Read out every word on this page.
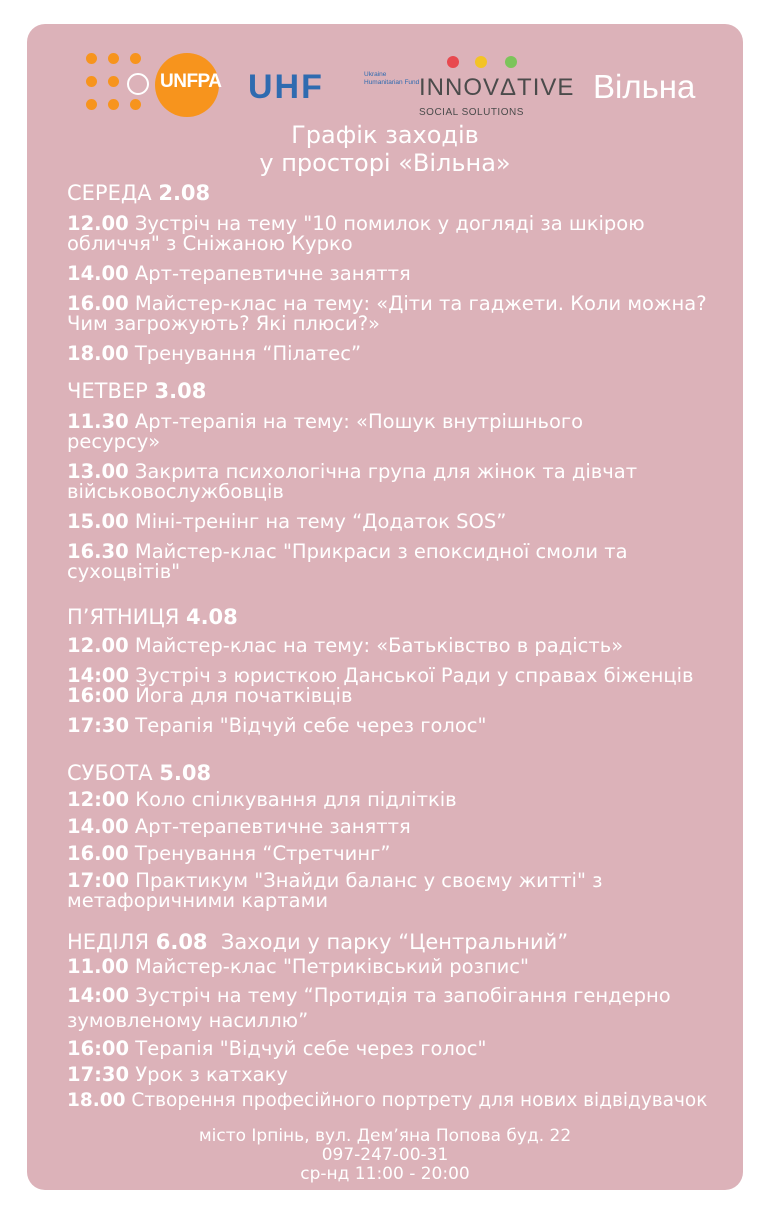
UNFPA UHF	Ukraine Humanitarian Fund INNOVΔTIVE
SOCIAL SOLUTIONS
Вільна
Графік заходів
у просторі «Вільна»

СЕРЕДА 2.08

12.00 Зустріч на тему "10 помилок у догляді за шкірою
обличчя" з Сніжаною Курко

14.00 Арт-терапевтичне заняття

16.00 Майстер-клас на тему: «Діти та гаджети. Коли можна?
Чим загрожують? Які плюси?»

18.00 Тренування “Пілатес”

ЧЕТВЕР 3.08

11.30 Арт-терапія на тему: «Пошук внутрішнього
ресурсу»

13.00 Закрита психологічна група для жінок та дівчат
військовослужбовців

15.00 Міні-тренінг на тему “Додаток SOS”

16.30 Майстер-клас "Прикраси з епоксидної смоли та
сухоцвітів"

П’ЯТНИЦЯ 4.08

12.00 Майстер-клас на тему: «Батьківство в радість»

14:00 Зустріч з юристкою Данської Ради у справах біженців

16:00 Йога для початківців

17:30 Терапія "Відчуй себе через голос"

СУБОТА 5.08

12:00 Коло спілкування для підлітків

14.00 Арт-терапевтичне заняття

16.00 Тренування “Стретчинг”

17:00 Практикум "Знайди баланс у своєму житті" з
метафоричними картами

НЕДІЛЯ 6.08 Заходи у парку “Центральний”

11.00 Майстер-клас "Петриківський розпис"

14:00 Зустріч на тему “Протидія та запобігання гендерно
зумовленому насиллю”

16:00 Терапія "Відчуй себе через голос"

17:30 Урок з катхаку

18.00 Створення професійного портрету для нових відвідувачок

місто Ірпінь, вул. Дем’яна Попова буд. 22
097-247-00-31
ср-нд 11:00 - 20:00
